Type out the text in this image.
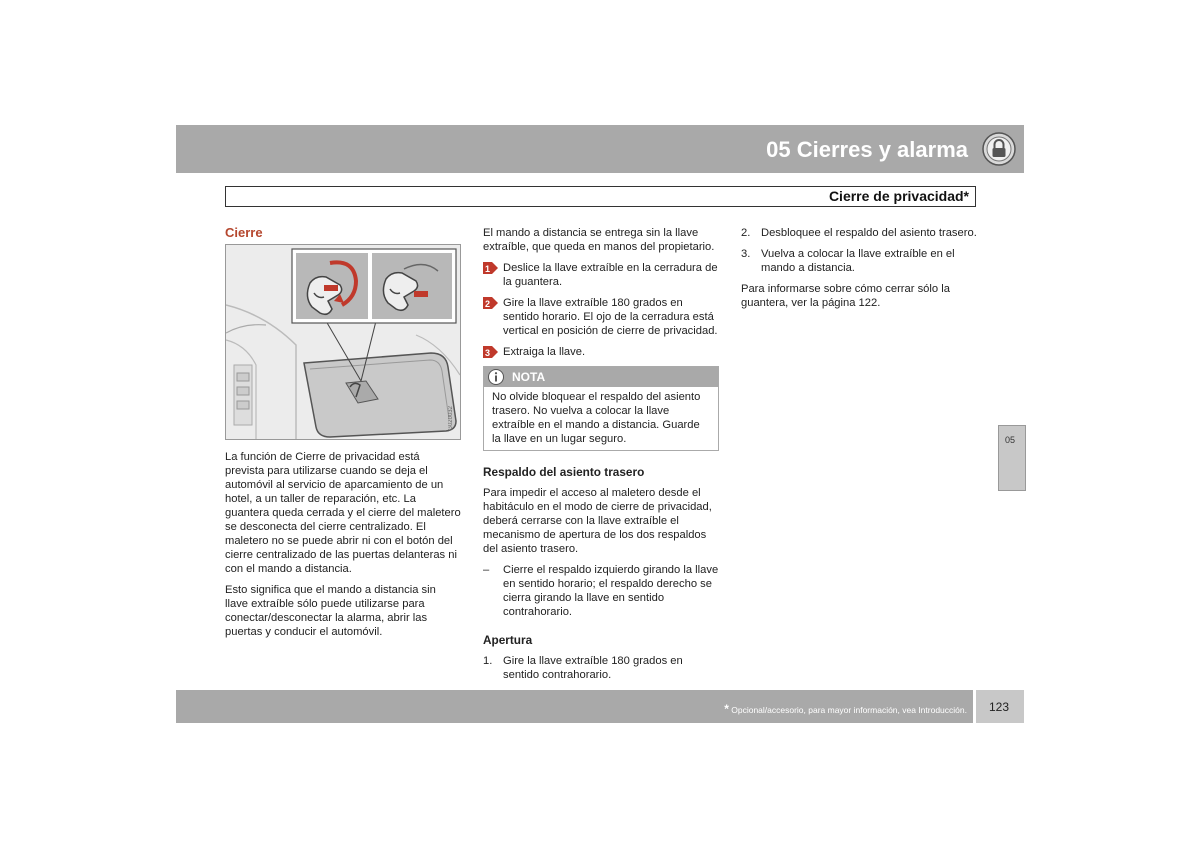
05 Cierres y alarma
Cierre de privacidad*
Cierre
G020032

La función de Cierre de privacidad está prevista para utilizarse cuando se deja el automóvil al servicio de aparcamiento de un hotel, a un taller de reparación, etc. La guantera queda cerrada y el cierre del maletero se desconecta del cierre centralizado. El maletero no se puede abrir ni con el botón del cierre centralizado de las puertas delanteras ni con el mando a distancia.

Esto significa que el mando a distancia sin llave extraíble sólo puede utilizarse para conectar/desconectar la alarma, abrir las puertas y conducir el automóvil.

El mando a distancia se entrega sin la llave extraíble, que queda en manos del propietario.

1 Deslice la llave extraíble en la cerradura de la guantera.
2 Gire la llave extraíble 180 grados en sentido horario. El ojo de la cerradura está vertical en posición de cierre de privacidad.
3 Extraiga la llave.
NOTA
No olvide bloquear el respaldo del asiento trasero. No vuelva a colocar la llave extraíble en el mando a distancia. Guarde la llave en un lugar seguro.

Respaldo del asiento trasero

Para impedir el acceso al maletero desde el habitáculo en el modo de cierre de privacidad, deberá cerrarse con la llave extraíble el mecanismo de apertura de los dos respaldos del asiento trasero.

– Cierre el respaldo izquierdo girando la llave en sentido horario; el respaldo derecho se cierra girando la llave en sentido contrahorario.

Apertura

1. Gire la llave extraíble 180 grados en sentido contrahorario.
2. Desbloquee el respaldo del asiento trasero.
3. Vuelva a colocar la llave extraíble en el mando a distancia.

Para informarse sobre cómo cerrar sólo la guantera, ver la página 122.

05
* Opcional/accesorio, para mayor información, vea Introducción. 123
